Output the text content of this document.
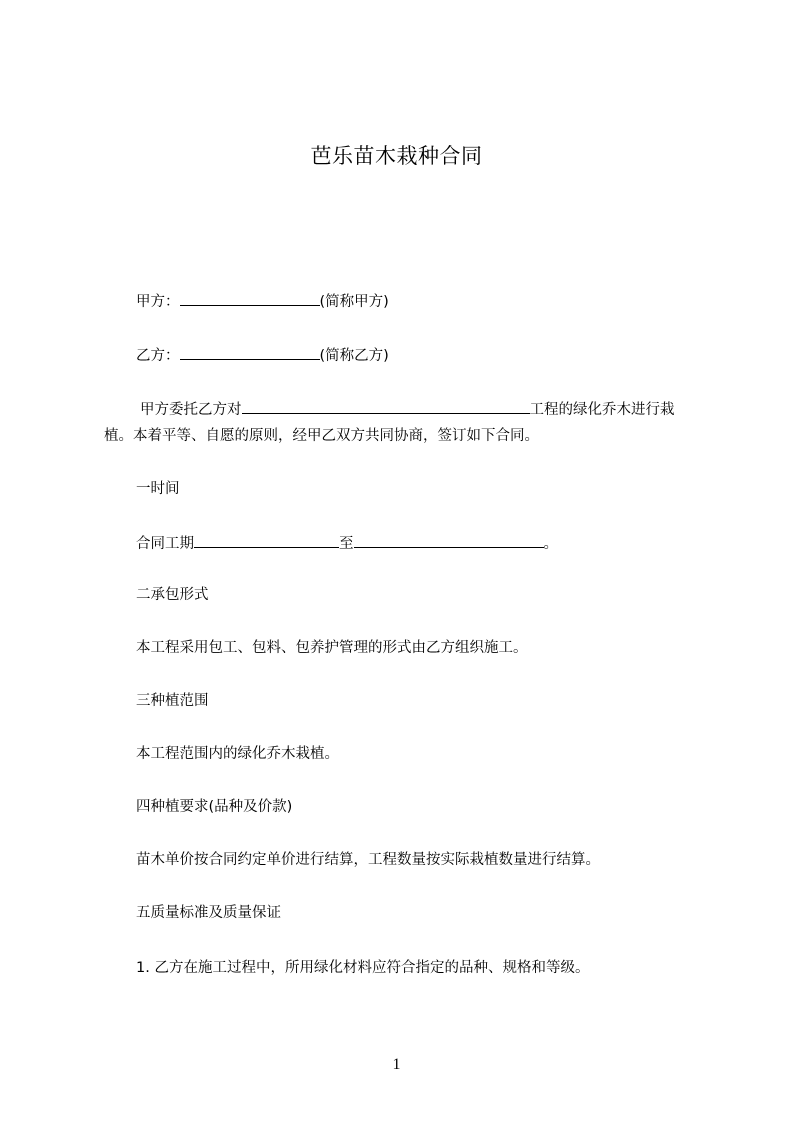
芭乐苗木栽种合同
甲方：	(简称甲方)
乙方：	(简称乙方)
甲方委托乙方对	工程的绿化乔木进行栽
植。本着平等、自愿的原则，经甲乙双方共同协商，签订如下合同。
一时间
合同工期	至	。
二承包形式
本工程采用包工、包料、包养护管理的形式由乙方组织施工。
三种植范围
本工程范围内的绿化乔木栽植。
四种植要求(品种及价款)
苗木单价按合同约定单价进行结算，工程数量按实际栽植数量进行结算。
五质量标准及质量保证
1. 乙方在施工过程中，所用绿化材料应符合指定的品种、规格和等级。
1
